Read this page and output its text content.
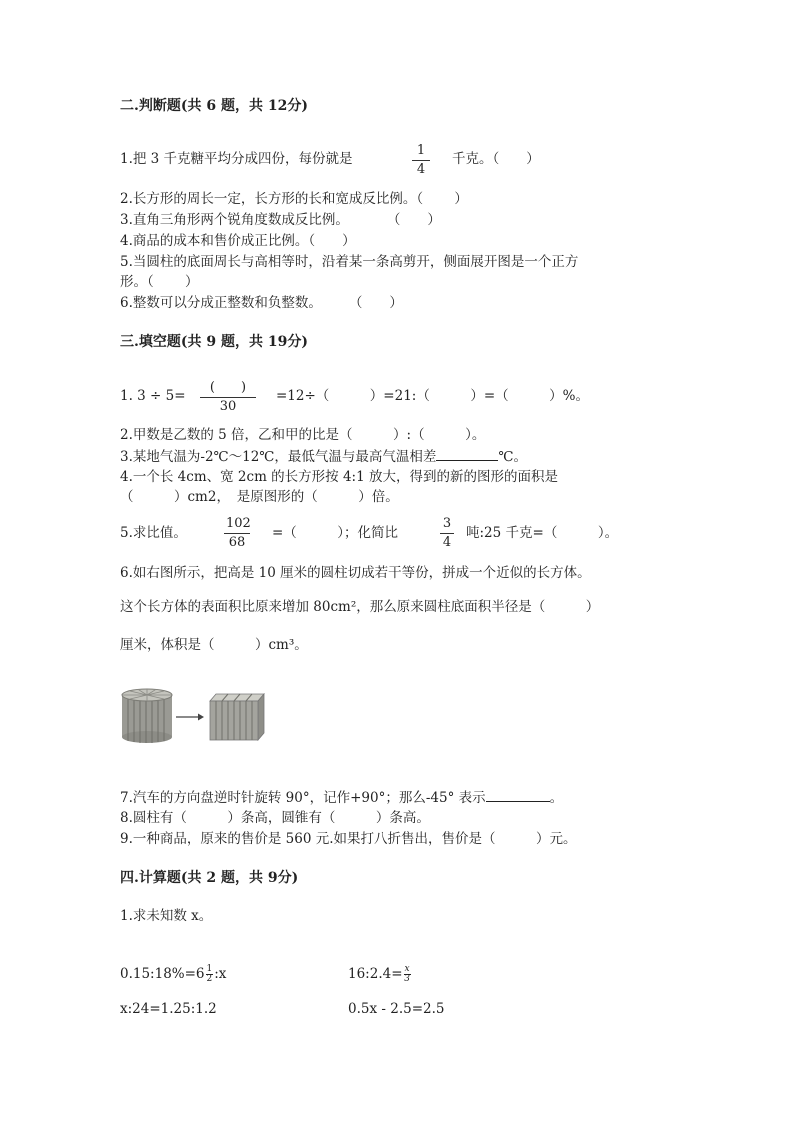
二.判断题(共 6 题，共 12分)
1.把 3 千克糖平均分成四份，每份就是
1
4
千克。（　　）
2.长方形的周长一定，长方形的长和宽成反比例。（　　 ）
3.直角三角形两个锐角度数成反比例。　　　 （　　）
4.商品的成本和售价成正比例。（　　）
5.当圆柱的底面周长与高相等时，沿着某一条高剪开，侧面展开图是一个正方
形。（　　 ）
6.整数可以分成正整数和负整数。　　　（　　）
三.填空题(共 9 题，共 19分)
1. 3 ÷ 5=
(　　)
30
=12÷（　　　）=21:（　　　）=（　　　）%。
2.甲数是乙数的 5 倍，乙和甲的比是（　　　）:（　　　）。
3.某地气温为-2℃～12℃，最低气温与最高气温相差	℃。
4.一个长 4cm、宽 2cm 的长方形按 4:1 放大，得到的新的图形的面积是
（　　　）cm2，　是原图形的（　　　）倍。
5.求比值。
102
68
=（　　　）；化简比
3
4
吨:25 千克=（　　　）。
6.如右图所示，把高是 10 厘米的圆柱切成若干等份，拼成一个近似的长方体。
这个长方体的表面积比原来增加 80cm²，那么原来圆柱底面积半径是（　　　）
厘米，体积是（　　　）cm³。
7.汽车的方向盘逆时针旋转 90°，记作+90°；那么-45° 表示	。
8.圆柱有（　　　）条高，圆锥有（　　　）条高。
9.一种商品，原来的售价是 560 元.如果打八折售出，售价是（　　　）元。
四.计算题(共 2 题，共 9分)
1.求未知数 x。
0.15:18%=6 $\frac{1}{2}$ :x	16:2.4= $\frac{x}{3}$
x:24=1.25:1.2	0.5x - 2.5=2.5
